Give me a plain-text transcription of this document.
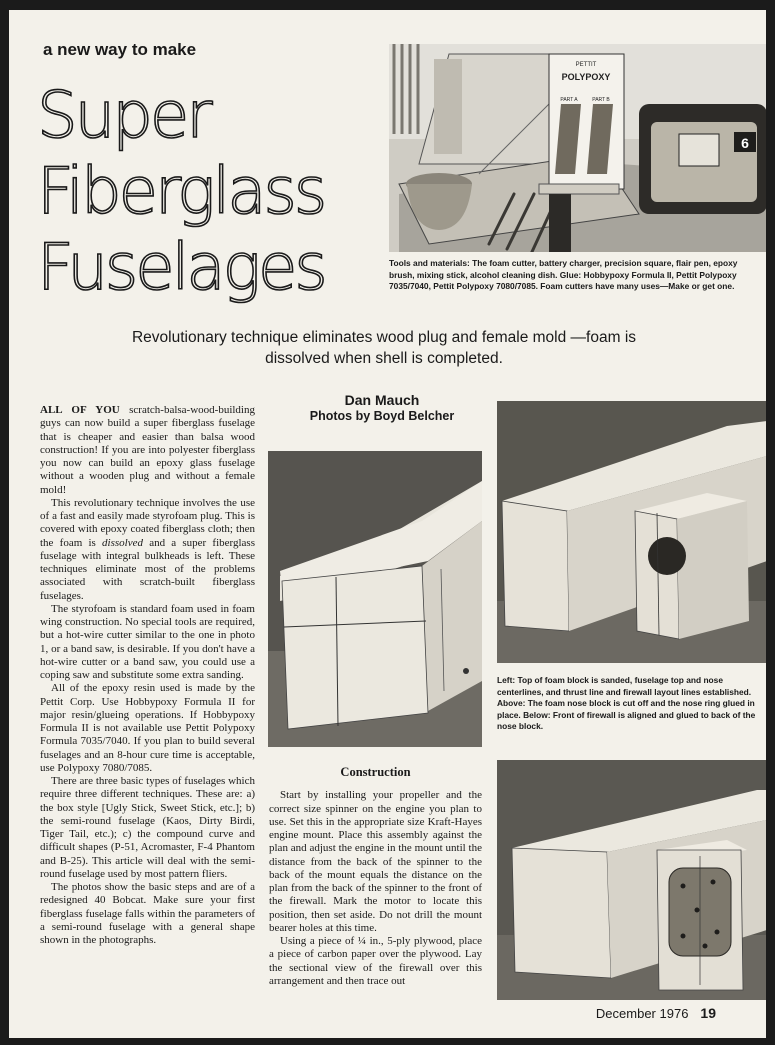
a new way to make
Super Fiberglass Fuselages
PETTIT
POLYPOXY
PART A	PART B
6

Tools and materials: The foam cutter, battery charger, precision square, flair pen, epoxy brush, mixing stick, alcohol cleaning dish. Glue: Hobbypoxy Formula II, Pettit Polypoxy 7035/7040, Pettit Polypoxy 7080/7085. Foam cutters have many uses—Make or get one.

Revolutionary technique eliminates wood plug and female mold —foam is dissolved when shell is completed.

Dan Mauch
Photos by Boyd Belcher

Left: Top of foam block is sanded, fuselage top and nose centerlines, and thrust line and firewall layout lines established. Above: The foam nose block is cut off and the nose ring glued in place. Below: Front of firewall is aligned and glued to back of the nose block.

ALL OF YOU scratch-balsa-wood-building guys can now build a super fiberglass fuselage that is cheaper and easier than balsa wood construction! If you are into polyester fiberglass you now can build an epoxy glass fuselage without a wooden plug and without a female mold!

This revolutionary technique involves the use of a fast and easily made styrofoam plug. This is covered with epoxy coated fiberglass cloth; then the foam is dissolved and a super fiberglass fuselage with integral bulkheads is left. These techniques eliminate most of the problems associated with scratch-built fiberglass fuselages.

The styrofoam is standard foam used in foam wing construction. No special tools are required, but a hot-wire cutter similar to the one in photo 1, or a band saw, is desirable. If you don't have a hot-wire cutter or a band saw, you could use a coping saw and substitute some extra sanding.

All of the epoxy resin used is made by the Pettit Corp. Use Hobbypoxy Formula II for major resin/glueing operations. If Hobbypoxy Formula II is not available use Pettit Polypoxy Formula 7035/7040. If you plan to build several fuselages and an 8-hour cure time is acceptable, use Polypoxy 7080/7085.

There are three basic types of fuselages which require three different techniques. These are: a) the box style [Ugly Stick, Sweet Stick, etc.]; b) the semi-round fuselage (Kaos, Dirty Birdi, Tiger Tail, etc.); c) the compound curve and difficult shapes (P-51, Acromaster, F-4 Phantom and B-25). This article will deal with the semi-round fuselage used by most pattern fliers.

The photos show the basic steps and are of a redesigned 40 Bobcat. Make sure your first fiberglass fuselage falls within the parameters of a semi-round fuselage with a general shape shown in the photographs.

Construction

Start by installing your propeller and the correct size spinner on the engine you plan to use. Set this in the appropriate size Kraft-Hayes engine mount. Place this assembly against the plan and adjust the engine in the mount until the distance from the back of the spinner to the back of the mount equals the distance on the plan from the back of the spinner to the front of the firewall. Mark the motor to locate this position, then set aside. Do not drill the mount bearer holes at this time.

Using a piece of ¼ in., 5-ply plywood, place a piece of carbon paper over the plywood. Lay the sectional view of the firewall over this arrangement and then trace out

December 1976 19
